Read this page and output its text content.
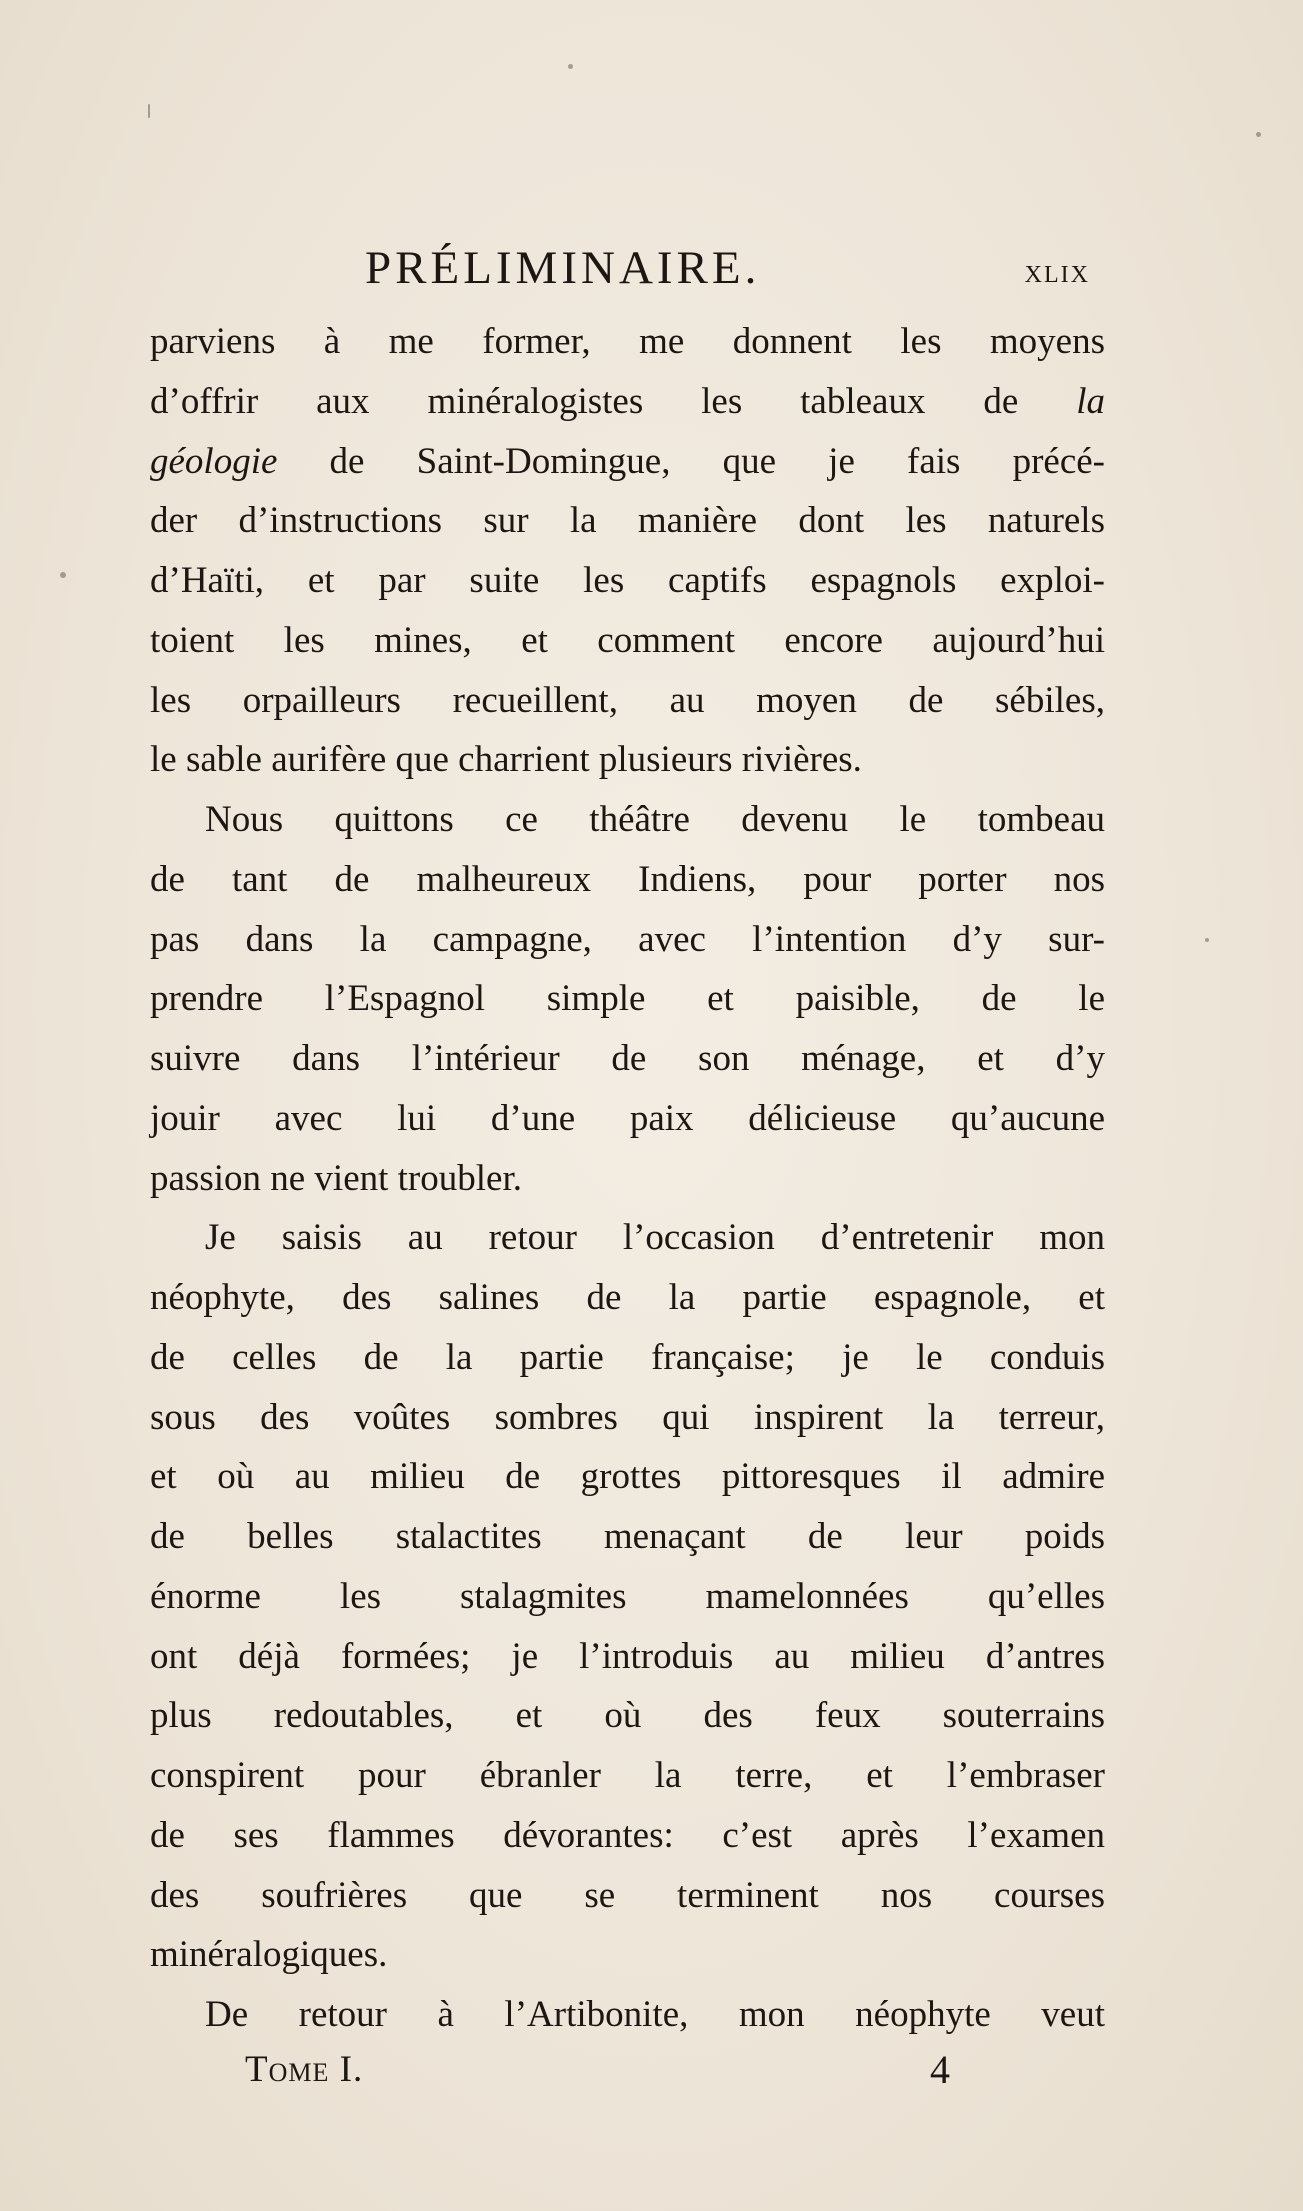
PRÉLIMINAIRE.	xlix
parviens à me former, me donnent les moyens
d’offrir aux minéralogistes les tableaux de la
géologie de Saint-Domingue, que je fais précé-
der d’instructions sur la manière dont les naturels
d’Haïti, et par suite les captifs espagnols exploi-
toient les mines, et comment encore aujourd’hui
les orpailleurs recueillent, au moyen de sébiles,
le sable aurifère que charrient plusieurs rivières.
Nous quittons ce théâtre devenu le tombeau
de tant de malheureux Indiens, pour porter nos
pas dans la campagne, avec l’intention d’y sur-
prendre l’Espagnol simple et paisible, de le
suivre dans l’intérieur de son ménage, et d’y
jouir avec lui d’une paix délicieuse qu’aucune
passion ne vient troubler.
Je saisis au retour l’occasion d’entretenir mon
néophyte, des salines de la partie espagnole, et
de celles de la partie française; je le conduis
sous des voûtes sombres qui inspirent la terreur,
et où au milieu de grottes pittoresques il admire
de belles stalactites menaçant de leur poids
énorme les stalagmites mamelonnées qu’elles
ont déjà formées; je l’introduis au milieu d’antres
plus redoutables, et où des feux souterrains
conspirent pour ébranler la terre, et l’embraser
de ses flammes dévorantes: c’est après l’examen
des soufrières que se terminent nos courses
minéralogiques.
De retour à l’Artibonite, mon néophyte veut
Tome I.	4
